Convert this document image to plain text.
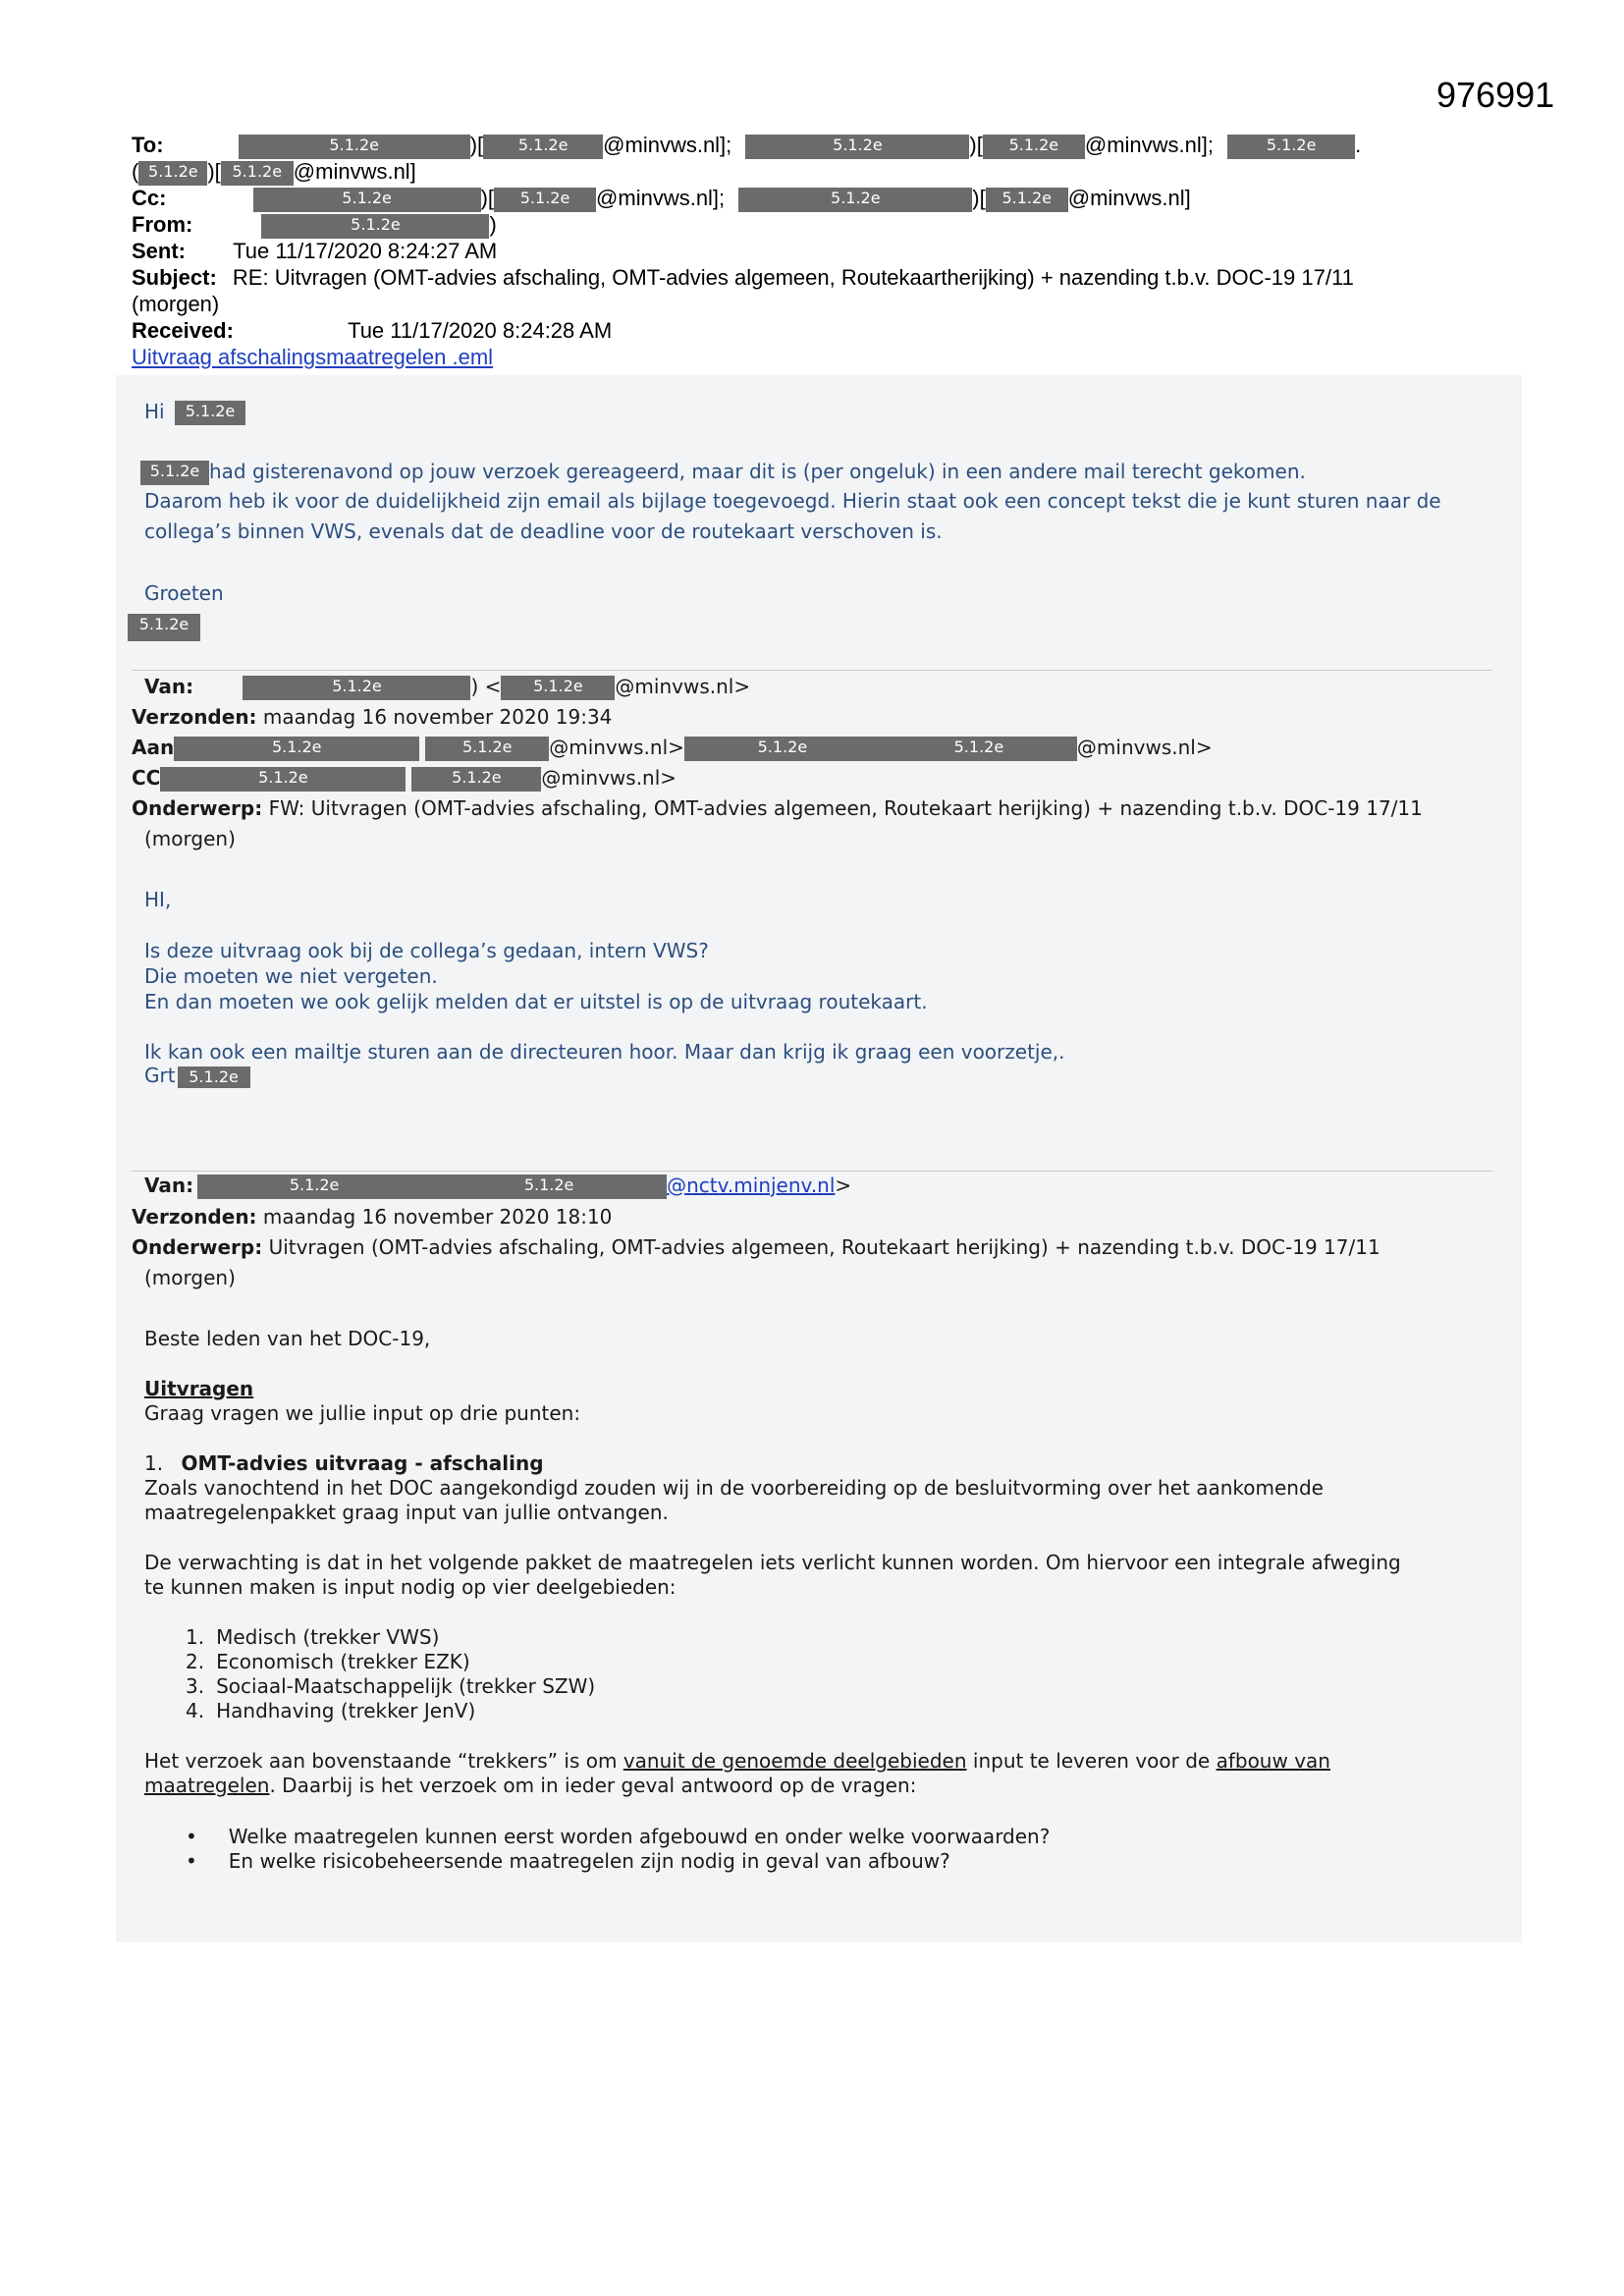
976991
To:	5.1.2e	)[ 5.1.2e @minvws.nl];	5.1.2e	)[ 5.1.2e @minvws.nl];	5.1.2e .
( 5.1.2e )[ 5.1.2e @minvws.nl]
Cc:	5.1.2e	)[ 5.1.2e @minvws.nl];	5.1.2e	)[ 5.1.2e @minvws.nl]
From:	5.1.2e	)
Sent: Tue 11/17/2020 8:24:27 AM
Subject: RE: Uitvragen (OMT-advies afschaling, OMT-advies algemeen, Routekaartherijking) + nazending t.b.v. DOC-19 17/11
(morgen)
Received:	Tue 11/17/2020 8:24:28 AM
Uitvraag afschalingsmaatregelen .eml
Hi 5.1.2e
5.1.2e had gisterenavond op jouw verzoek gereageerd, maar dit is (per ongeluk) in een andere mail terecht gekomen.
Daarom heb ik voor de duidelijkheid zijn email als bijlage toegevoegd. Hierin staat ook een concept tekst die je kunt sturen naar de
collega’s binnen VWS, evenals dat de deadline voor de routekaart verschoven is.
Groeten
5.1.2e
Van:	5.1.2e	) < 5.1.2e @minvws.nl>
Verzonden: maandag 16 november 2020 19:34
Aan	5.1.2e	5.1.2e @minvws.nl>	5.1.2e	5.1.2e	@minvws.nl>
CC	5.1.2e	5.1.2e @minvws.nl>
Onderwerp: FW: Uitvragen (OMT-advies afschaling, OMT-advies algemeen, Routekaart herijking) + nazending t.b.v. DOC-19 17/11
(morgen)
HI,
Is deze uitvraag ook bij de collega’s gedaan, intern VWS?
Die moeten we niet vergeten.
En dan moeten we ook gelijk melden dat er uitstel is op de uitvraag routekaart.
Ik kan ook een mailtje sturen aan de directeuren hoor. Maar dan krijg ik graag een voorzetje,.
Grt 5.1.2e
Van:	5.1.2e	5.1.2e	@nctv.minjenv.nl>
Verzonden: maandag 16 november 2020 18:10
Onderwerp: Uitvragen (OMT-advies afschaling, OMT-advies algemeen, Routekaart herijking) + nazending t.b.v. DOC-19 17/11
(morgen)
Beste leden van het DOC-19,
Uitvragen
Graag vragen we jullie input op drie punten:
1. OMT-advies uitvraag - afschaling
Zoals vanochtend in het DOC aangekondigd zouden wij in de voorbereiding op de besluitvorming over het aankomende
maatregelenpakket graag input van jullie ontvangen.
De verwachting is dat in het volgende pakket de maatregelen iets verlicht kunnen worden. Om hiervoor een integrale afweging
te kunnen maken is input nodig op vier deelgebieden:
1. Medisch (trekker VWS)
2. Economisch (trekker EZK)
3. Sociaal-Maatschappelijk (trekker SZW)
4. Handhaving (trekker JenV)
Het verzoek aan bovenstaande “trekkers” is om vanuit de genoemde deelgebieden input te leveren voor de afbouw van
maatregelen. Daarbij is het verzoek om in ieder geval antwoord op de vragen:
• Welke maatregelen kunnen eerst worden afgebouwd en onder welke voorwaarden?
• En welke risicobeheersende maatregelen zijn nodig in geval van afbouw?
